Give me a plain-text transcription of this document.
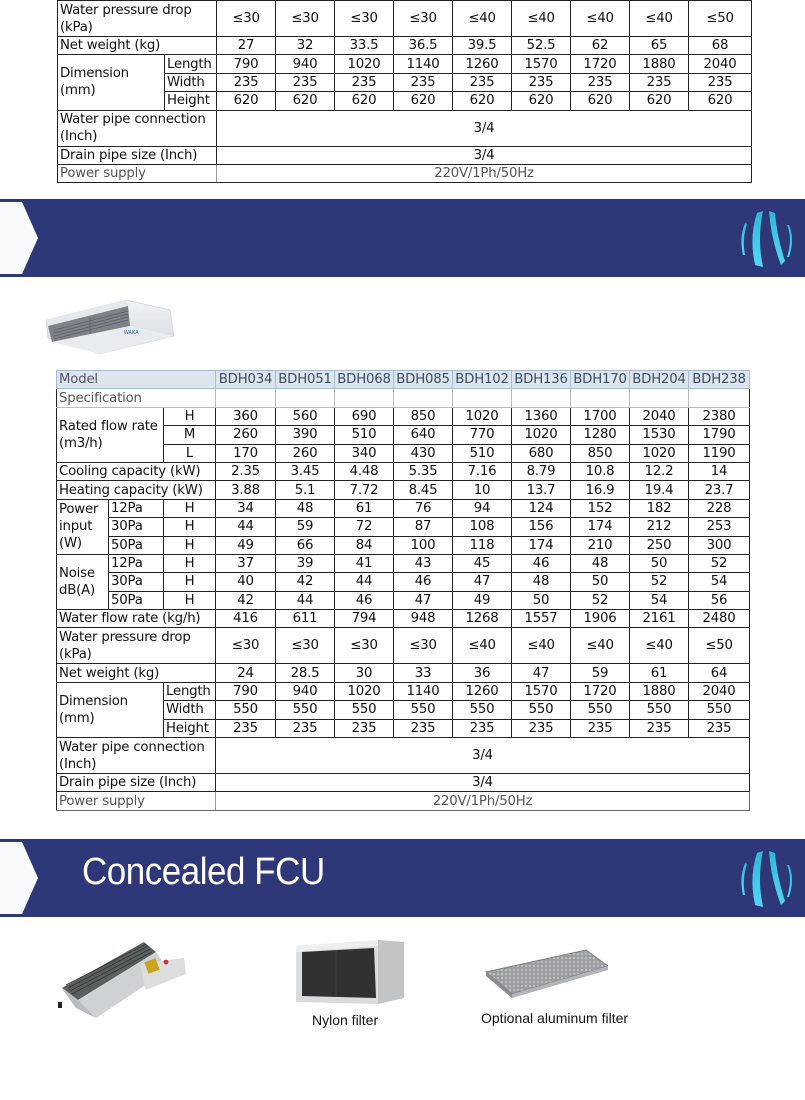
Water pressure drop (kPa)		≤30	≤30	≤30	≤30	≤40	≤40	≤40	≤40	≤50
Net weight (kg)		27	32	33.5	36.5	39.5	52.5	62	65	68
Dimension (mm)	Length	790	940	1020	1140	1260	1570	1720	1880	2040
	Width	235	235	235	235	235	235	235	235	235
	Height	620	620	620	620	620	620	620	620	620
Water pipe connection (Inch)		3/4								
Drain pipe size (Inch)		3/4								
Power supply		220V/1Ph/50Hz								
WAKA
Model			BDH034	BDH051	BDH068	BDH085	BDH102	BDH136	BDH170	BDH204	BDH238
Specification											
Rated flow rate (m3/h)		H	360	560	690	850	1020	1360	1700	2040	2380
		M	260	390	510	640	770	1020	1280	1530	1790
		L	170	260	340	430	510	680	850	1020	1190
Cooling capacity (kW)			2.35	3.45	4.48	5.35	7.16	8.79	10.8	12.2	14
Heating capacity (kW)			3.88	5.1	7.72	8.45	10	13.7	16.9	19.4	23.7
Power input (W)	12Pa	H	34	48	61	76	94	124	152	182	228
	30Pa	H	44	59	72	87	108	156	174	212	253
	50Pa	H	49	66	84	100	118	174	210	250	300
Noise dB(A)	12Pa	H	37	39	41	43	45	46	48	50	52
	30Pa	H	40	42	44	46	47	48	50	52	54
	50Pa	H	42	44	46	47	49	50	52	54	56
Water flow rate (kg/h)			416	611	794	948	1268	1557	1906	2161	2480
Water pressure drop (kPa)			≤30	≤30	≤30	≤30	≤40	≤40	≤40	≤40	≤50
Net weight (kg)			24	28.5	30	33	36	47	59	61	64
Dimension (mm)		Length	790	940	1020	1140	1260	1570	1720	1880	2040
		Width	550	550	550	550	550	550	550	550	550
		Height	235	235	235	235	235	235	235	235	235
Water pipe connection (Inch)			3/4								
Drain pipe size (Inch)			3/4								
Power supply			220V/1Ph/50Hz								
Concealed FCU
Nylon filter	Optional aluminum filter
